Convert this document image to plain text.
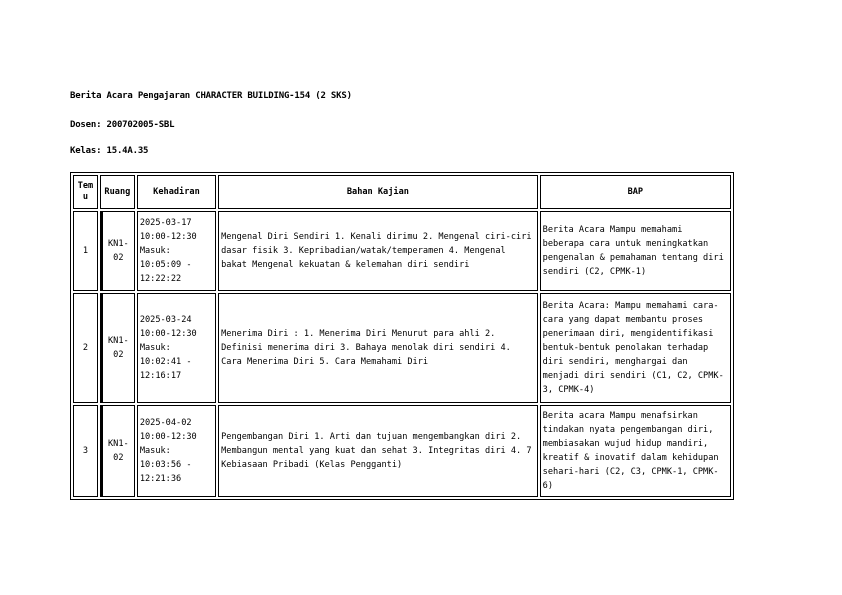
Berita Acara Pengajaran CHARACTER BUILDING-154 (2 SKS)
Dosen: 200702005-SBL
Kelas: 15.4A.35
Tem u	Ruang	Kehadiran	Bahan Kajian	BAP
1	KN1-02	2025-03-17 10:00-12:30 Masuk: 10:05:09 - 12:22:22	Mengenal Diri Sendiri 1. Kenali dirimu 2. Mengenal ciri-ciri dasar fisik 3. Kepribadian/watak/temperamen 4. Mengenal bakat Mengenal kekuatan & kelemahan diri sendiri	Berita Acara Mampu memahami beberapa cara untuk meningkatkan pengenalan & pemahaman tentang diri sendiri (C2, CPMK-1)
2	KN1-02	2025-03-24 10:00-12:30 Masuk: 10:02:41 - 12:16:17	Menerima Diri : 1. Menerima Diri Menurut para ahli 2. Definisi menerima diri 3. Bahaya menolak diri sendiri 4. Cara Menerima Diri 5. Cara Memahami Diri	Berita Acara: Mampu memahami cara-cara yang dapat membantu proses penerimaan diri, mengidentifikasi bentuk-bentuk penolakan terhadap diri sendiri, menghargai dan menjadi diri sendiri (C1, C2, CPMK-3, CPMK-4)
3	KN1-02	2025-04-02 10:00-12:30 Masuk: 10:03:56 - 12:21:36	Pengembangan Diri 1. Arti dan tujuan mengembangkan diri 2. Membangun mental yang kuat dan sehat 3. Integritas diri 4. 7 Kebiasaan Pribadi (Kelas Pengganti)	Berita acara Mampu menafsirkan tindakan nyata pengembangan diri, membiasakan wujud hidup mandiri, kreatif & inovatif dalam kehidupan sehari-hari (C2, C3, CPMK-1, CPMK-6)
